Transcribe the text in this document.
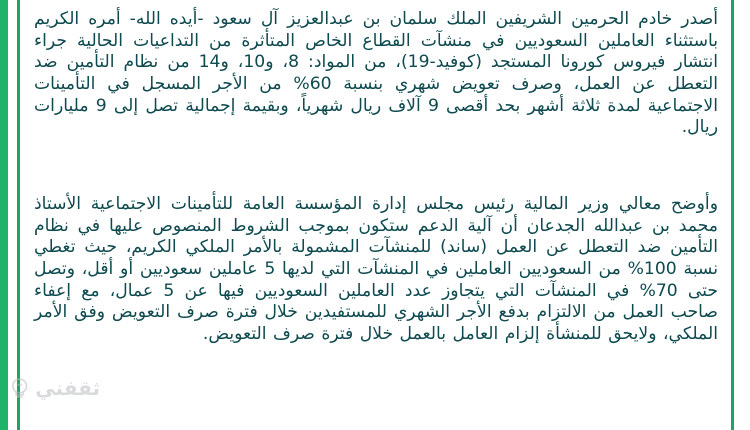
أصدر خادم الحرمين الشريفين الملك سلمان بن عبدالعزيز آل سعود -أيده الله- أمره الكريم باستثناء العاملين السعوديين في منشآت القطاع الخاص المتأثرة من التداعيات الحالية جراء انتشار فيروس كورونا المستجد (كوفيد-19)، من المواد: 8، و10، و14 من نظام التأمين ضد التعطل عن العمل، وصرف تعويض شهري بنسبة 60% من الأجر المسجل في التأمينات الاجتماعية لمدة ثلاثة أشهر بحد أقصى 9 آلاف ريال شهرياً، وبقيمة إجمالية تصل إلى 9 مليارات ريال.

وأوضح معالي وزير المالية رئيس مجلس إدارة المؤسسة العامة للتأمينات الاجتماعية الأستاذ محمد بن عبدالله الجدعان أن آلية الدعم ستكون بموجب الشروط المنصوص عليها في نظام التأمين ضد التعطل عن العمل (ساند) للمنشآت المشمولة بالأمر الملكي الكريم، حيث تغطي نسبة 100% من السعوديين العاملين في المنشآت التي لديها 5 عاملين سعوديين أو أقل، وتصل حتى 70% في المنشآت التي يتجاوز عدد العاملين السعوديين فيها عن 5 عمال، مع إعفاء صاحب العمل من الالتزام بدفع الأجر الشهري للمستفيدين خلال فترة صرف التعويض وفق الأمر الملكي، ولايحق للمنشأة إلزام العامل بالعمل خلال فترة صرف التعويض.

ثقفني
